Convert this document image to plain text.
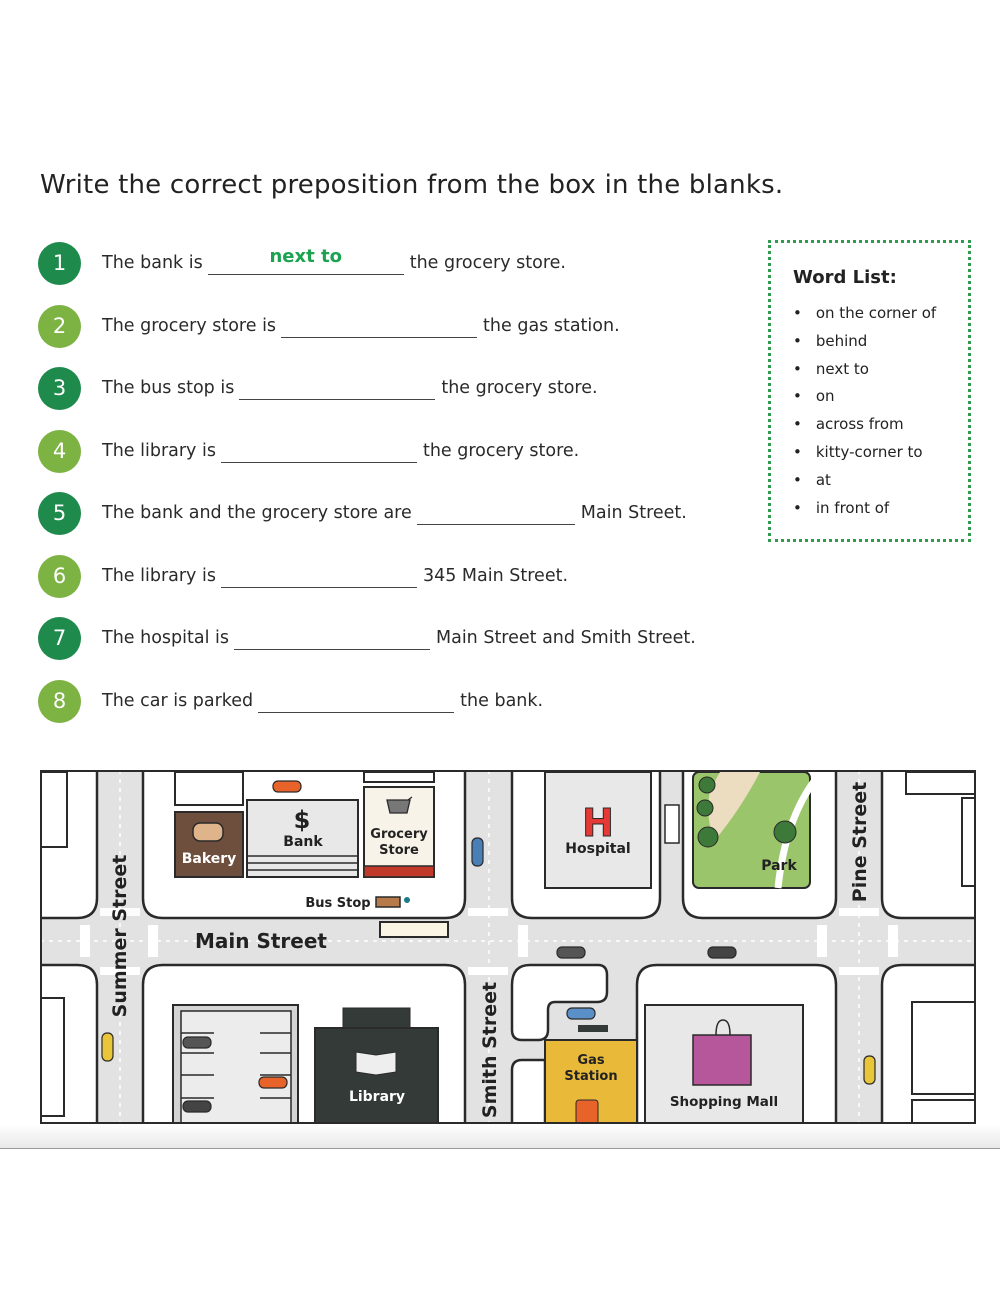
Write the correct preposition from the box in the blanks.
1	The bank is	next to	the grocery store.
2	The grocery store is	the gas station.
3	The bus stop is	the grocery store.
4	The library is	the grocery store.
5	The bank and the grocery store are	Main Street.
6	The library is	345 Main Street.
7	The hospital is	Main Street and Smith Street.
8	The car is parked	the bank.
Word List:
• on the corner of
• behind
• next to
• on
• across from
• kitty-corner to
• at
• in front of
Bakery
$
Bank	Grocery
Store
Bus Stop
Main Street
Summer Street
Smith Street
Pine Street
H
Hospital
Park
Library
Gas
Station
Shopping Mall
